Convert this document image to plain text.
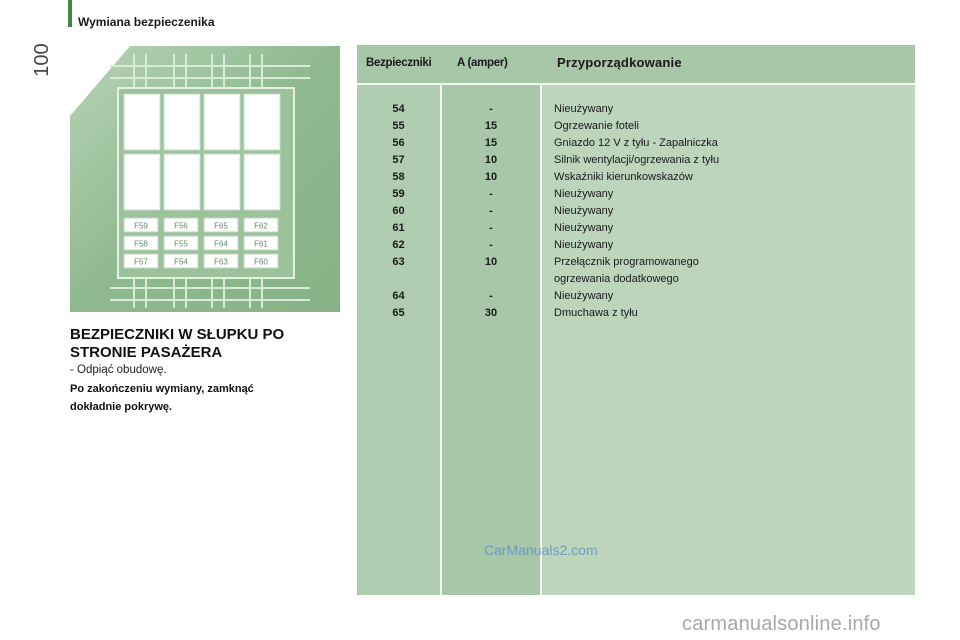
Wymiana bezpieczenika
100
F59	F56	F65	F62
F58	F55	F64	F61
F57	F54	F63	F60
BEZPIECZNIKI W SŁUPKU PO
STRONIE PASAŻERA
- Odpiąć obudowę.
Po zakończeniu wymiany, zamknąć
dokładnie pokrywę.
Bezpieczniki A (amper)	Przyporządkowanie
54	-	Nieużywany
55	15	Ogrzewanie foteli
56	15	Gniazdo 12 V z tyłu - Zapalniczka
57	10	Silnik wentylacji/ogrzewania z tyłu
58	10	Wskaźniki kierunkowskazów
59	-	Nieużywany
60	-	Nieużywany
61	-	Nieużywany
62	-	Nieużywany
63	10	Przełącznik programowanego
ogrzewania dodatkowego
64	-	Nieużywany
65	30	Dmuchawa z tyłu
CarManuals2.com
carmanualsonline.info
